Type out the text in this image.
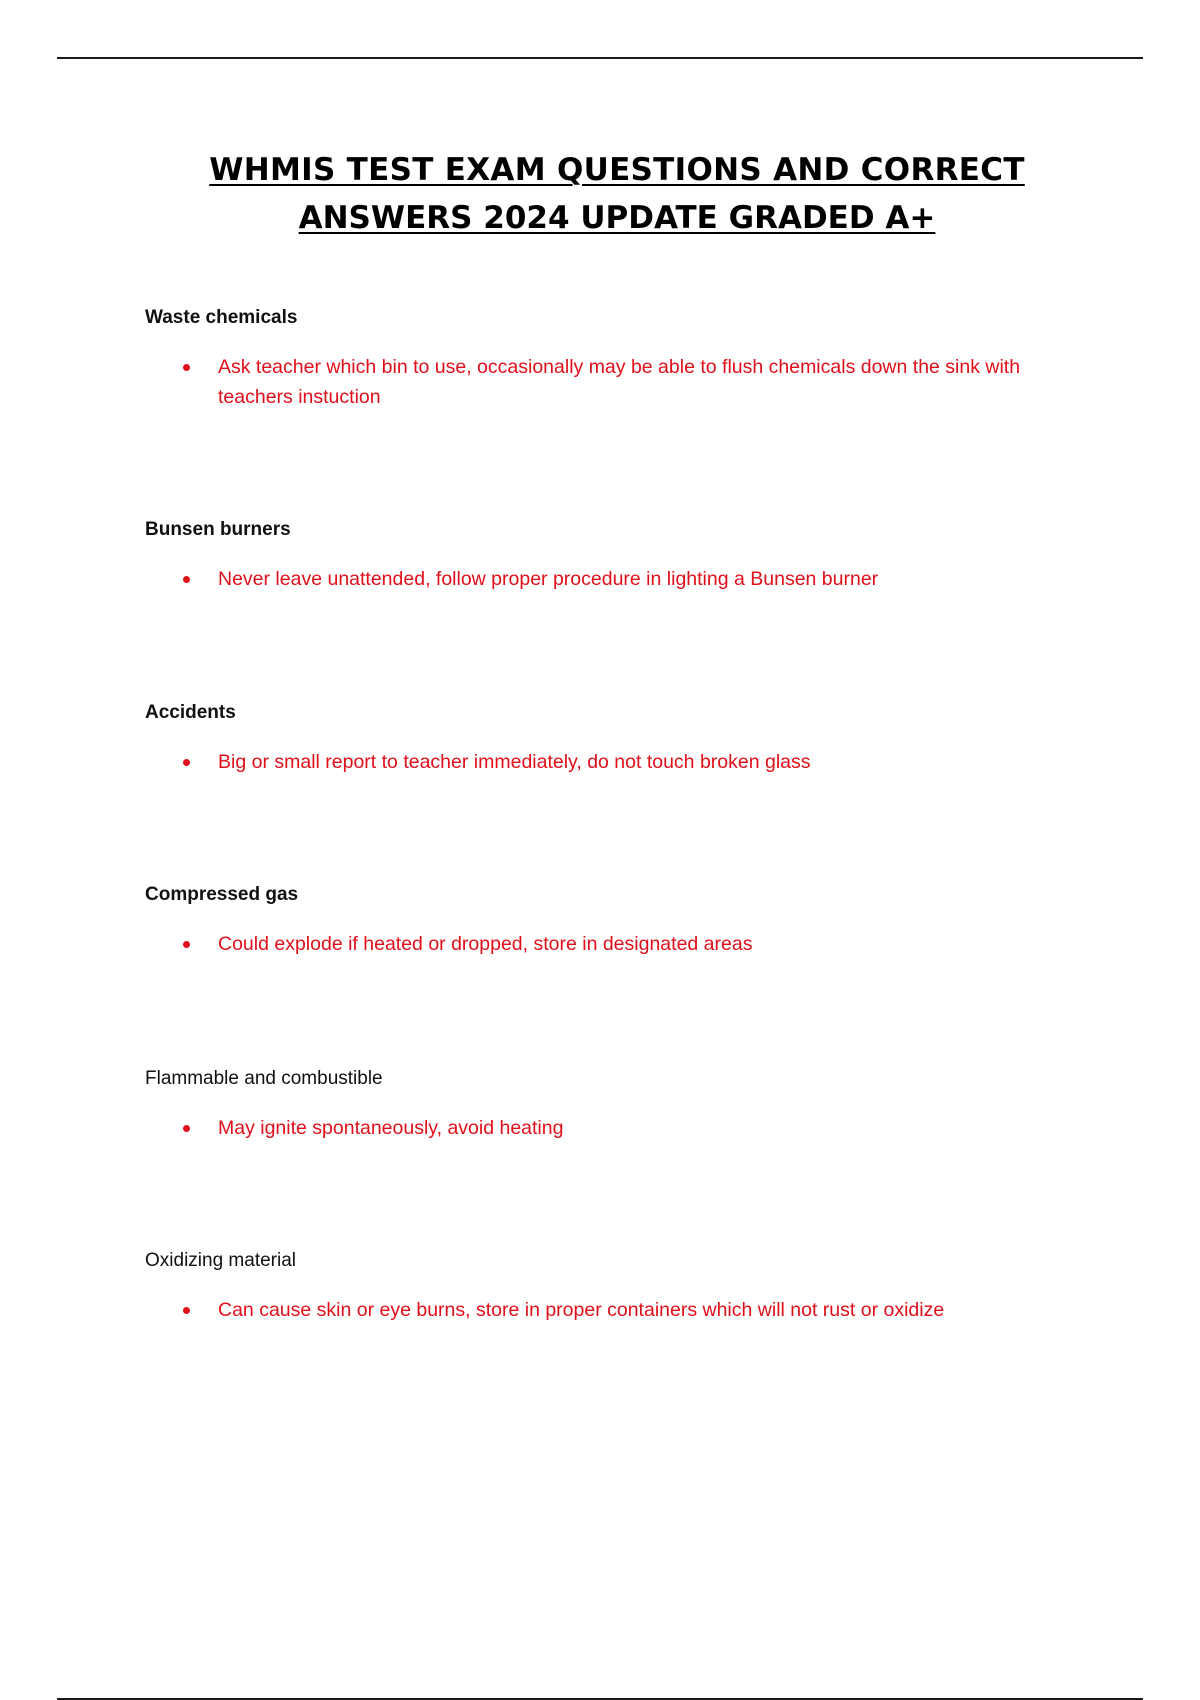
WHMIS TEST EXAM QUESTIONS AND CORRECT
ANSWERS 2024 UPDATE GRADED A+

Waste chemicals

Ask teacher which bin to use, occasionally may be able to flush chemicals down the sink with teachers instuction

Bunsen burners

Never leave unattended, follow proper procedure in lighting a Bunsen burner

Accidents

Big or small report to teacher immediately, do not touch broken glass

Compressed gas

Could explode if heated or dropped, store in designated areas

Flammable and combustible

May ignite spontaneously, avoid heating

Oxidizing material

Can cause skin or eye burns, store in proper containers which will not rust or oxidize
